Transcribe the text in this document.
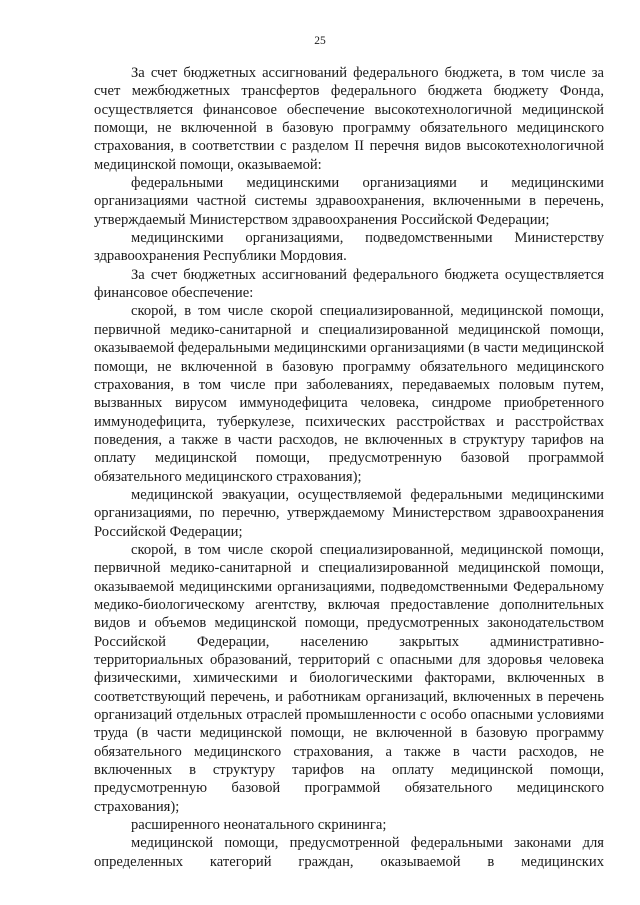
25

За счет бюджетных ассигнований федерального бюджета, в том числе за счет межбюджетных трансфертов федерального бюджета бюджету Фонда, осуществляется финансовое обеспечение высокотехнологичной медицинской помощи, не включенной в базовую программу обязательного медицинского страхования, в соответствии с разделом II перечня видов высокотехнологичной медицинской помощи, оказываемой:

федеральными медицинскими организациями и медицинскими организациями частной системы здравоохранения, включенными в перечень, утверждаемый Министерством здравоохранения Российской Федерации;

медицинскими организациями, подведомственными Министерству здравоохранения Республики Мордовия.

За счет бюджетных ассигнований федерального бюджета осуществляется финансовое обеспечение:

скорой, в том числе скорой специализированной, медицинской помощи, первичной медико-санитарной и специализированной медицинской помощи, оказываемой федеральными медицинскими организациями (в части медицинской помощи, не включенной в базовую программу обязательного медицинского страхования, в том числе при заболеваниях, передаваемых половым путем, вызванных вирусом иммунодефицита человека, синдроме приобретенного иммунодефицита, туберкулезе, психических расстройствах и расстройствах поведения, а также в части расходов, не включенных в структуру тарифов на оплату медицинской помощи, предусмотренную базовой программой обязательного медицинского страхования);

медицинской эвакуации, осуществляемой федеральными медицинскими организациями, по перечню, утверждаемому Министерством здравоохранения Российской Федерации;

скорой, в том числе скорой специализированной, медицинской помощи, первичной медико-санитарной и специализированной медицинской помощи, оказываемой медицинскими организациями, подведомственными Федеральному медико-биологическому агентству, включая предоставление дополнительных видов и объемов медицинской помощи, предусмотренных законодательством Российской Федерации, населению закрытых административно-территориальных образований, территорий с опасными для здоровья человека физическими, химическими и биологическими факторами, включенных в соответствующий перечень, и работникам организаций, включенных в перечень организаций отдельных отраслей промышленности с особо опасными условиями труда (в части медицинской помощи, не включенной в базовую программу обязательного медицинского страхования, а также в части расходов, не включенных в структуру тарифов на оплату медицинской помощи, предусмотренную базовой программой обязательного медицинского страхования);

расширенного неонатального скрининга;

медицинской помощи, предусмотренной федеральными законами для определенных категорий граждан, оказываемой в медицинских
